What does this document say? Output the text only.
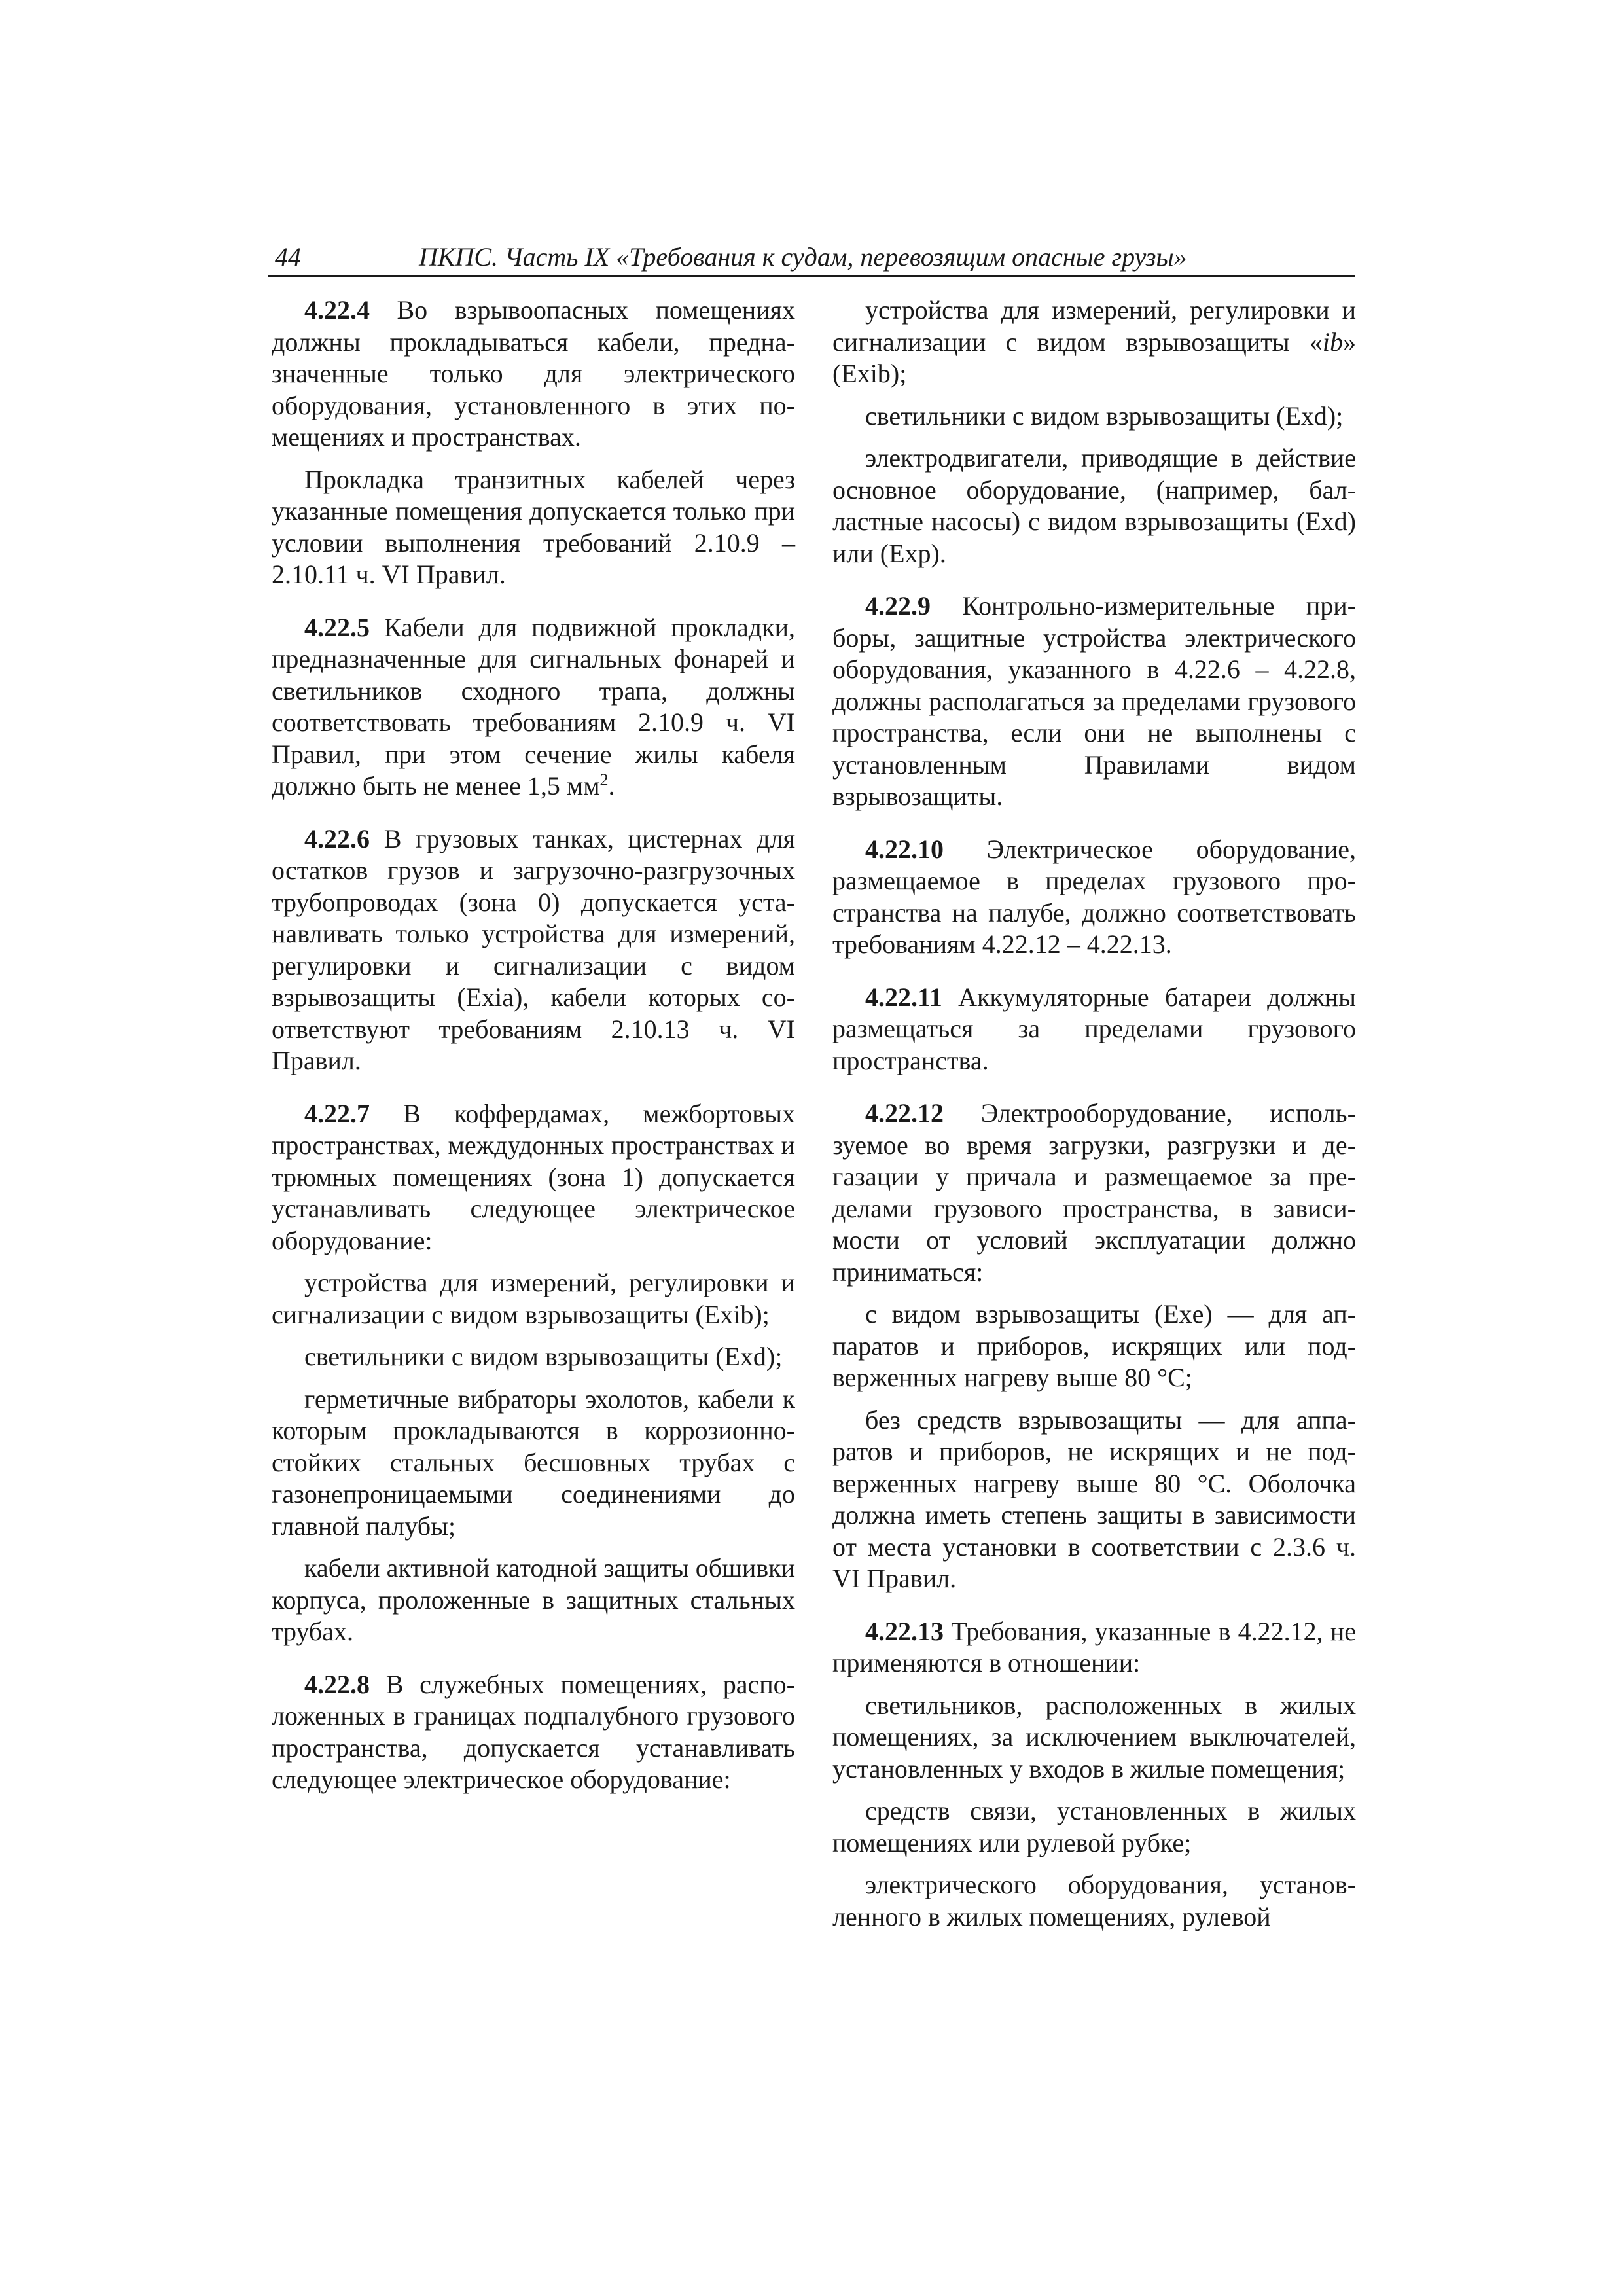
44	ПКПС. Часть IX «Требования к судам, перевозящим опасные грузы»

4.22.4 Во взрывоопасных помещениях должны прокладываться кабели, предназначенные только для электрического оборудования, установленного в этих помещениях и пространствах.

Прокладка транзитных кабелей через указанные помещения допускается только при условии выполнения требований 2.10.9 – 2.10.11 ч. VI Правил.

4.22.5 Кабели для подвижной прокладки, предназначенные для сигнальных фонарей и светильников сходного трапа, должны соответствовать требованиям 2.10.9 ч. VI Правил, при этом сечение жилы кабеля должно быть не менее 1,5 $мм^2$.

4.22.6 В грузовых танках, цистернах для остатков грузов и загрузочно-разгрузочных трубопроводах (зона 0) допускается устанавливать только устройства для измерений, регулировки и сигнализации с видом взрывозащиты (Exia), кабели которых соответствуют требованиям 2.10.13 ч. VI Правил.

4.22.7 В коффердамах, межбортовых пространствах, междудонных пространствах и трюмных помещениях (зона 1) допускается устанавливать следующее электрическое оборудование:

устройства для измерений, регулировки и сигнализации с видом взрывозащиты (Exib);

светильники с видом взрывозащиты (Exd);

герметичные вибраторы эхолотов, кабели к которым прокладываются в коррозионно-стойких стальных бесшовных трубах с газонепроницаемыми соединениями до главной палубы;

кабели активной катодной защиты обшивки корпуса, проложенные в защитных стальных трубах.

4.22.8 В служебных помещениях, расположенных в границах подпалубного грузового пространства, допускается устанавливать следующее электрическое оборудование:

устройства для измерений, регулировки и сигнализации с видом взрывозащиты «ib» (Exib);

светильники с видом взрывозащиты (Exd);

электродвигатели, приводящие в действие основное оборудование, (например, бал-ластные насосы) с видом взрывозащиты (Exd) или (Exp).

4.22.9 Контрольно-измерительные приборы, защитные устройства электрического оборудования, указанного в 4.22.6 – 4.22.8, должны располагаться за пределами грузового пространства, если они не выполнены с установленным Правилами видом взрывозащиты.

4.22.10 Электрическое оборудование, размещаемое в пределах грузового пространства на палубе, должно соответствовать требованиям 4.22.12 – 4.22.13.

4.22.11 Аккумуляторные батареи должны размещаться за пределами грузового пространства.

4.22.12 Электрооборудование, используемое во время загрузки, разгрузки и дегазации у причала и размещаемое за пределами грузового пространства, в зависимости от условий эксплуатации должно приниматься:

с видом взрывозащиты (Exe) — для аппаратов и приборов, искрящих или подверженных нагреву выше 80 °С;

без средств взрывозащиты — для аппаратов и приборов, не искрящих и не подверженных нагреву выше 80 °С. Оболочка должна иметь степень защиты в зависимости от места установки в соответствии с 2.3.6 ч. VI Правил.

4.22.13 Требования, указанные в 4.22.12, не применяются в отношении:

светильников, расположенных в жилых помещениях, за исключением выключателей, установленных у входов в жилые помещения;

средств связи, установленных в жилых помещениях или рулевой рубке;

электрического оборудования, установленного в жилых помещениях, рулевой
